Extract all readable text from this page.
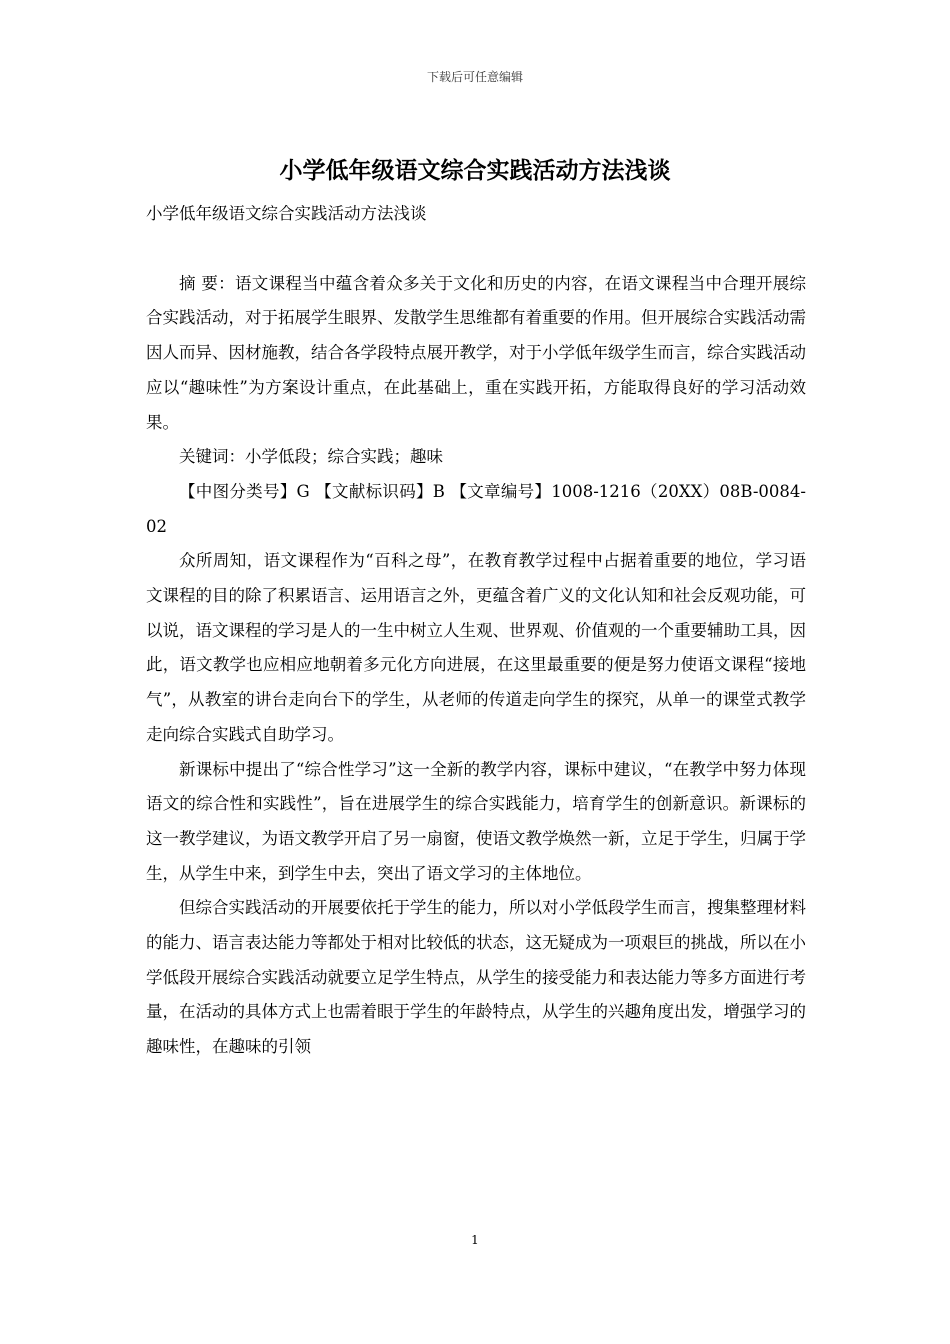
下载后可任意编辑
小学低年级语文综合实践活动方法浅谈

小学低年级语文综合实践活动方法浅谈

摘 要：语文课程当中蕴含着众多关于文化和历史的内容，在语文课程当中合理开展综合实践活动，对于拓展学生眼界、发散学生思维都有着重要的作用。但开展综合实践活动需因人而异、因材施教，结合各学段特点展开教学，对于小学低年级学生而言，综合实践活动应以“趣味性”为方案设计重点，在此基础上，重在实践开拓，方能取得良好的学习活动效果。

关键词：小学低段；综合实践；趣味

【中图分类号】G 【文献标识码】B 【文章编号】1008-1216（20XX）08B-0084-02

众所周知，语文课程作为“百科之母”，在教育教学过程中占据着重要的地位，学习语文课程的目的除了积累语言、运用语言之外，更蕴含着广义的文化认知和社会反观功能，可以说，语文课程的学习是人的一生中树立人生观、世界观、价值观的一个重要辅助工具，因此，语文教学也应相应地朝着多元化方向进展，在这里最重要的便是努力使语文课程“接地气”，从教室的讲台走向台下的学生，从老师的传道走向学生的探究，从单一的课堂式教学走向综合实践式自助学习。

新课标中提出了“综合性学习”这一全新的教学内容，课标中建议，“在教学中努力体现语文的综合性和实践性”，旨在进展学生的综合实践能力，培育学生的创新意识。新课标的这一教学建议，为语文教学开启了另一扇窗，使语文教学焕然一新，立足于学生，归属于学生，从学生中来，到学生中去，突出了语文学习的主体地位。

但综合实践活动的开展要依托于学生的能力，所以对小学低段学生而言，搜集整理材料的能力、语言表达能力等都处于相对比较低的状态，这无疑成为一项艰巨的挑战，所以在小学低段开展综合实践活动就要立足学生特点，从学生的接受能力和表达能力等多方面进行考量，在活动的具体方式上也需着眼于学生的年龄特点，从学生的兴趣角度出发，增强学习的趣味性，在趣味的引领

1
